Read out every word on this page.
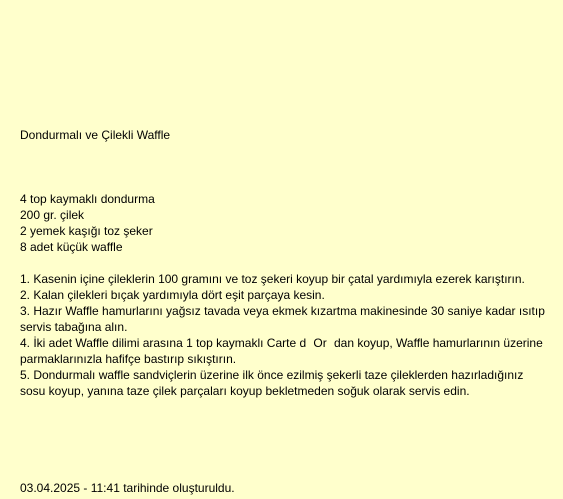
Dondurmalı ve Çilekli Waffle
4 top kaymaklı dondurma
200 gr. çilek
2 yemek kaşığı toz şeker
8 adet küçük waffle
1. Kasenin içine çileklerin 100 gramını ve toz şekeri koyup bir çatal yardımıyla ezerek karıştırın.
2. Kalan çilekleri bıçak yardımıyla dört eşit parçaya kesin.
3. Hazır Waffle hamurlarını yağsız tavada veya ekmek kızartma makinesinde 30 saniye kadar ısıtıp servis tabağına alın.
4. İki adet Waffle dilimi arasına 1 top kaymaklı Carte dOrdan koyup, Waffle hamurlarının üzerine parmaklarınızla hafifçe bastırıp sıkıştırın.
5. Dondurmalı waffle sandviçlerin üzerine ilk önce ezilmiş şekerli taze çileklerden hazırladığınız sosu koyup, yanına taze çilek parçaları koyup bekletmeden soğuk olarak servis edin.

03.04.2025 - 11:41 tarihinde oluşturuldu.
